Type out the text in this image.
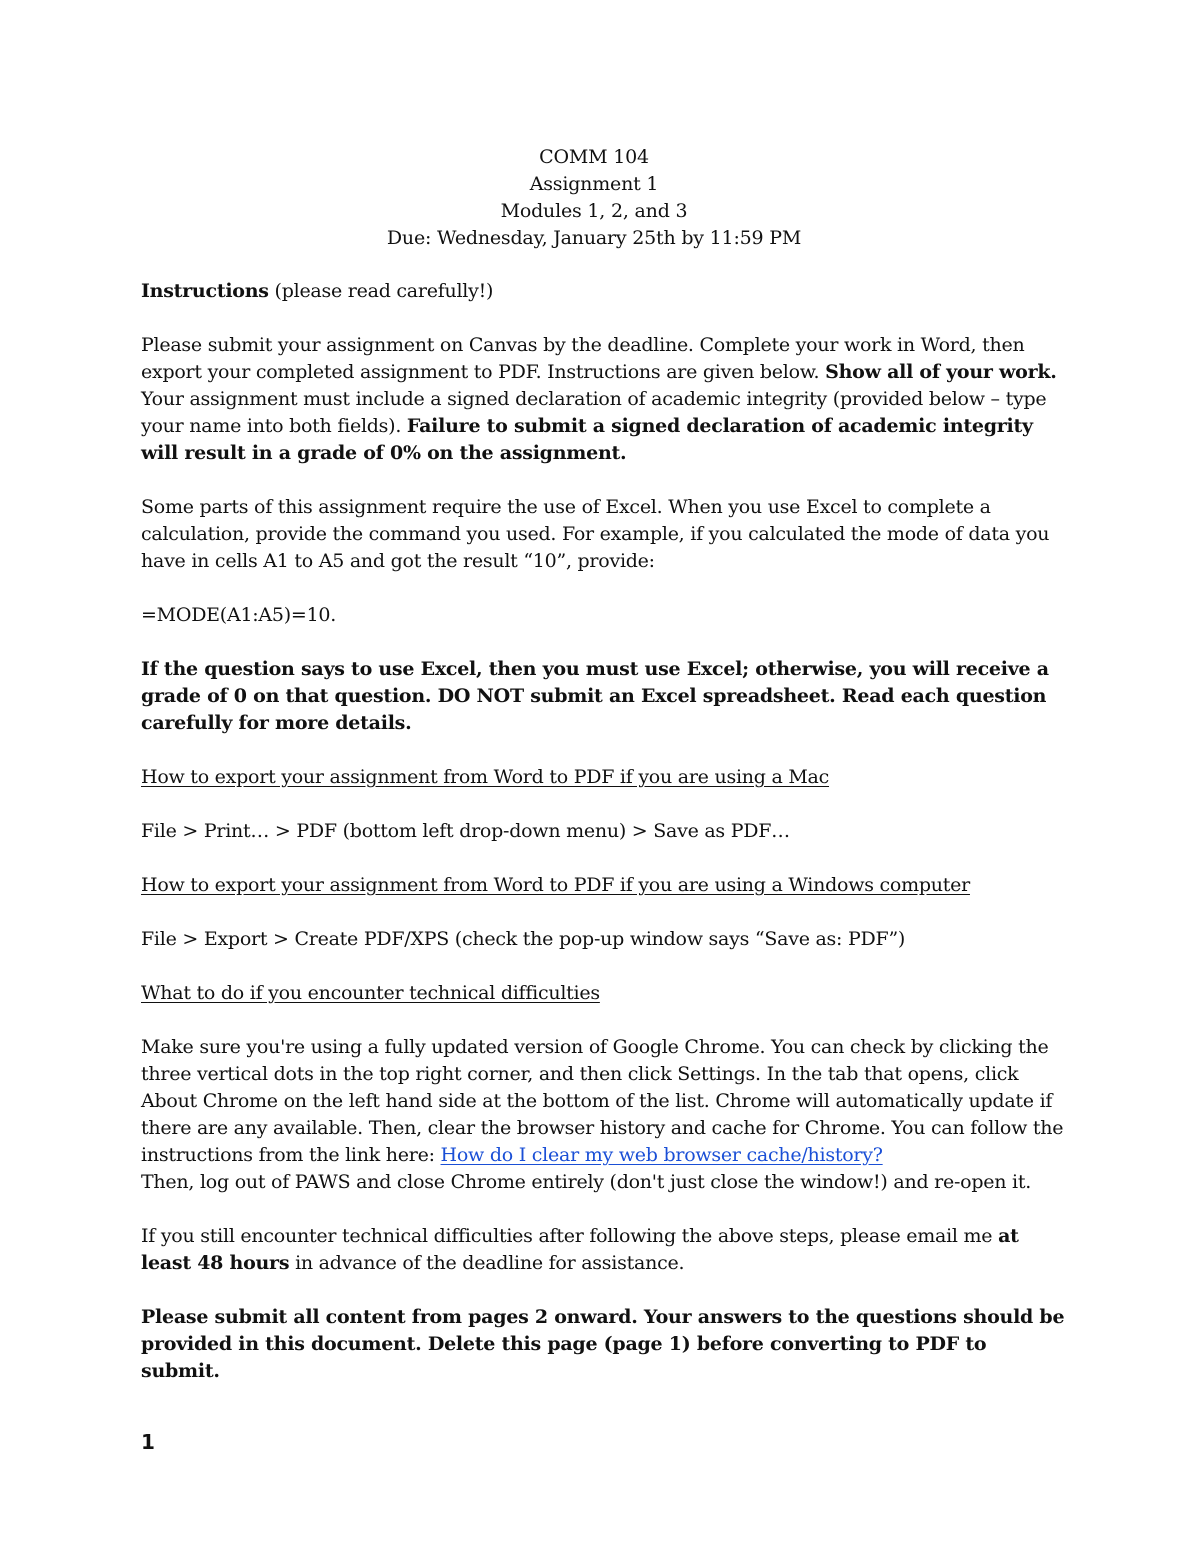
COMM 104
Assignment 1
Modules 1, 2, and 3
Due: Wednesday, January 25th by 11:59 PM

Instructions (please read carefully!)

Please submit your assignment on Canvas by the deadline. Complete your work in Word, then export your completed assignment to PDF. Instructions are given below. Show all of your work. Your assignment must include a signed declaration of academic integrity (provided below – type your name into both fields). Failure to submit a signed declaration of academic integrity will result in a grade of 0% on the assignment.

Some parts of this assignment require the use of Excel. When you use Excel to complete a calculation, provide the command you used. For example, if you calculated the mode of data you have in cells A1 to A5 and got the result “10”, provide:

=MODE(A1:A5)=10.

If the question says to use Excel, then you must use Excel; otherwise, you will receive a grade of 0 on that question. DO NOT submit an Excel spreadsheet. Read each question carefully for more details.

How to export your assignment from Word to PDF if you are using a Mac

File > Print… > PDF (bottom left drop-down menu) > Save as PDF…

How to export your assignment from Word to PDF if you are using a Windows computer

File > Export > Create PDF/XPS (check the pop-up window says “Save as: PDF”)

What to do if you encounter technical difficulties

Make sure you're using a fully updated version of Google Chrome. You can check by clicking the three vertical dots in the top right corner, and then click Settings. In the tab that opens, click About Chrome on the left hand side at the bottom of the list. Chrome will automatically update if there are any available. Then, clear the browser history and cache for Chrome. You can follow the instructions from the link here: How do I clear my web browser cache/history?
Then, log out of PAWS and close Chrome entirely (don't just close the window!) and re-open it.

If you still encounter technical difficulties after following the above steps, please email me at least 48 hours in advance of the deadline for assistance.

Please submit all content from pages 2 onward. Your answers to the questions should be provided in this document. Delete this page (page 1) before converting to PDF to submit.

1
